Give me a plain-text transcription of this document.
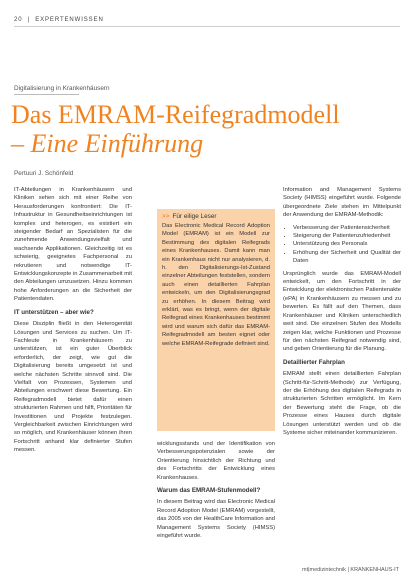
20  |  EXPERTENWISSEN
Digitalisierung in Krankenhäusern
Das EMRAM-Reifegradmodell
– Eine Einführung
Pertuuri J. Schönfeld

IT-Abteilungen in Krankenhäusern und Kliniken sehen sich mit einer Reihe von Herausforderungen konfrontiert: Die IT-Infrastruktur in Gesundheitseinrichtungen ist komplex und heterogen, es existiert ein steigender Bedarf an Spezialisten für die zunehmende Anwendungsvielfalt und wachsende Applikationen. Gleichzeitig ist es schwierig, geeignetes Fachpersonal zu rekrutieren und notwendige IT-Entwicklungskonzepte in Zusammenarbeit mit den Abteilungen umzusetzen. Hinzu kommen hohe Anforderungen an die Sicherheit der Patientendaten.

IT unterstützen – aber wie?

Diese Disziplin fließt in den Heterogenität Lösungen und Services zu suchen. Um IT-Fachleute in Krankenhäusern zu unterstützen, ist ein guter Überblick erforderlich, der zeigt, wie gut die Digitalisierung bereits umgesetzt ist und welche nächsten Schritte sinnvoll sind. Die Vielfalt von Prozessen, Systemen und Abteilungen erschwert diese Bewertung. Ein Reifegradmodell bietet dafür einen strukturierten Rahmen und hilft, Prioritäten für Investitionen und Projekte festzulegen. Vergleichbarkeit zwischen Einrichtungen wird so möglich, und Krankenhäuser können ihren Fortschritt anhand klar definierter Stufen messen.

>> Für eilige Leser
Das Electronic Medical Record Adoption Model (EMRAM) ist ein Modell zur Bestimmung des digitalen Reifegrads eines Krankenhauses. Damit kann man ein Krankenhaus nicht nur analysieren, d. h. den Digitalisierungs-Ist-Zustand einzelner Abteilungen feststellen, sondern auch einen detaillierten Fahrplan entwickeln, um den Digitalisierungsgrad zu erhöhen. In diesem Beitrag wird erklärt, was es bringt, wenn der digitale Reifegrad eines Krankenhauses bestimmt wird und warum sich dafür das EMRAM-Reifegradmodell am besten eignet oder welche EMRAM-Reifegrade definiert sind.

wicklungsstands und der Identifikation von Verbesserungspotenzialen sowie der Orientierung hinsichtlich der Richtung und des Fortschritts der Entwicklung eines Krankenhauses.

Warum das EMRAM-Stufenmodell?

In diesem Beitrag wird das Electronic Medical Record Adoption Model (EMRAM) vorgestellt, das 2005 von der HealthCare Information and Management Systems Society (HIMSS) eingeführt wurde.

Information and Management Systems Society (HIMSS) eingeführt wurde. Folgende übergeordnete Ziele stehen im Mittelpunkt der Anwendung der EMRAM-Methodik:

• Verbesserung der Patientensicherheit
• Steigerung der Patientenzufriedenheit
• Unterstützung des Personals
• Erhöhung der Sicherheit und Qualität der Daten

Ursprünglich wurde das EMRAM-Modell entwickelt, um den Fortschritt in der Entwicklung der elektronischen Patientenakte (ePA) in Krankenhäusern zu messen und zu bewerten. Es fällt auf den Themen, dass Krankenhäuser und Kliniken unterschiedlich weit sind. Die einzelnen Stufen des Modells zeigen klar, welche Funktionen und Prozesse für den nächsten Reifegrad notwendig sind, und geben Orientierung für die Planung.

Detaillierter Fahrplan

EMRAM stellt einen detaillierten Fahrplan (Schritt-für-Schritt-Methode) zur Verfügung, der die Erhöhung des digitalen Reifegrads in strukturierten Schritten ermöglicht. Im Kern der Bewertung steht die Frage, ob die Prozesse eines Hauses durch digitale Lösungen unterstützt werden und ob die Systeme sicher miteinander kommunizieren.

mt|medizintechnik | KRANKENHAUS-IT
